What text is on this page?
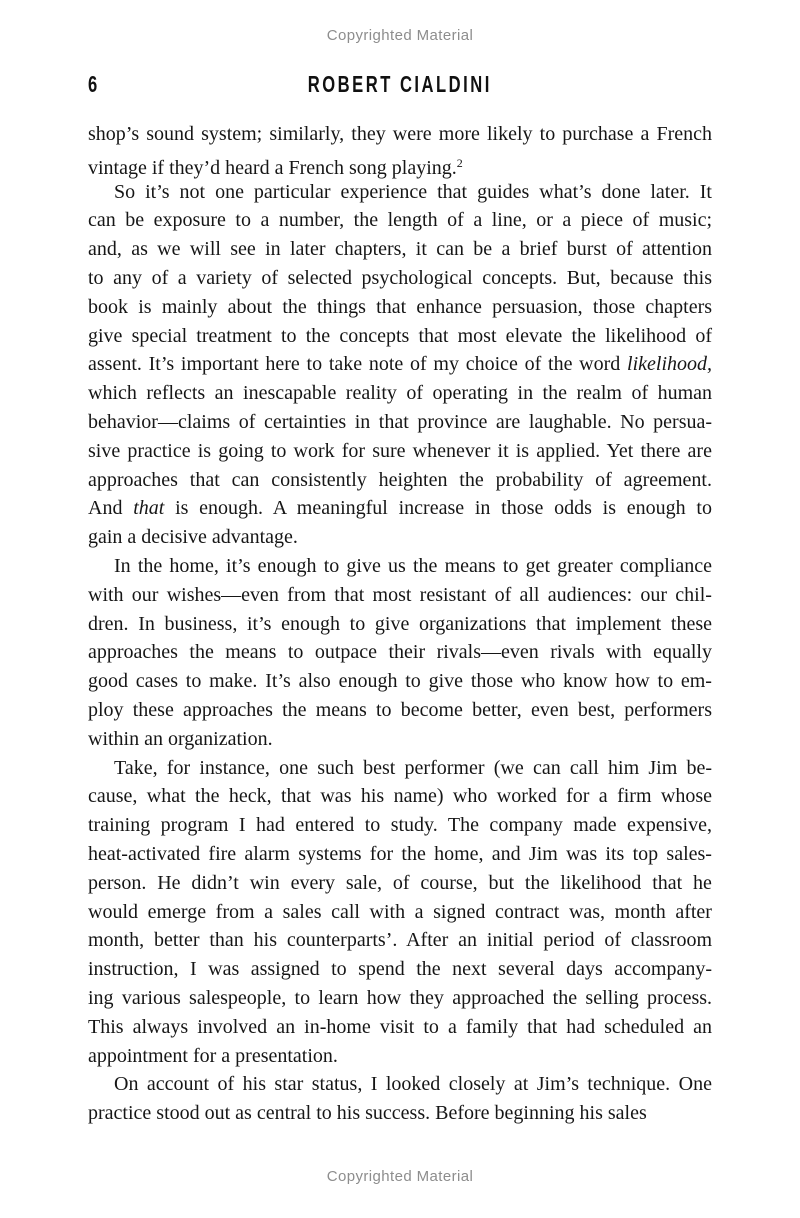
Copyrighted Material
6	ROBERT CIALDINI
shop’s sound system; similarly, they were more likely to purchase a French
vintage if they’d heard a French song playing.$^2$
So it’s not one particular experience that guides what’s done later. It
can be exposure to a number, the length of a line, or a piece of music;
and, as we will see in later chapters, it can be a brief burst of attention
to any of a variety of selected psychological concepts. But, because this
book is mainly about the things that enhance persuasion, those chapters
give special treatment to the concepts that most elevate the likelihood of
assent. It’s important here to take note of my choice of the word likelihood,
which reflects an inescapable reality of operating in the realm of human
behavior—claims of certainties in that province are laughable. No persua-
sive practice is going to work for sure whenever it is applied. Yet there are
approaches that can consistently heighten the probability of agreement.
And that is enough. A meaningful increase in those odds is enough to
gain a decisive advantage.
In the home, it’s enough to give us the means to get greater compliance
with our wishes—even from that most resistant of all audiences: our chil-
dren. In business, it’s enough to give organizations that implement these
approaches the means to outpace their rivals—even rivals with equally
good cases to make. It’s also enough to give those who know how to em-
ploy these approaches the means to become better, even best, performers
within an organization.
Take, for instance, one such best performer (we can call him Jim be-
cause, what the heck, that was his name) who worked for a firm whose
training program I had entered to study. The company made expensive,
heat-activated fire alarm systems for the home, and Jim was its top sales-
person. He didn’t win every sale, of course, but the likelihood that he
would emerge from a sales call with a signed contract was, month after
month, better than his counterparts’. After an initial period of classroom
instruction, I was assigned to spend the next several days accompany-
ing various salespeople, to learn how they approached the selling process.
This always involved an in-home visit to a family that had scheduled an
appointment for a presentation.
On account of his star status, I looked closely at Jim’s technique. One
practice stood out as central to his success. Before beginning his sales
Copyrighted Material
